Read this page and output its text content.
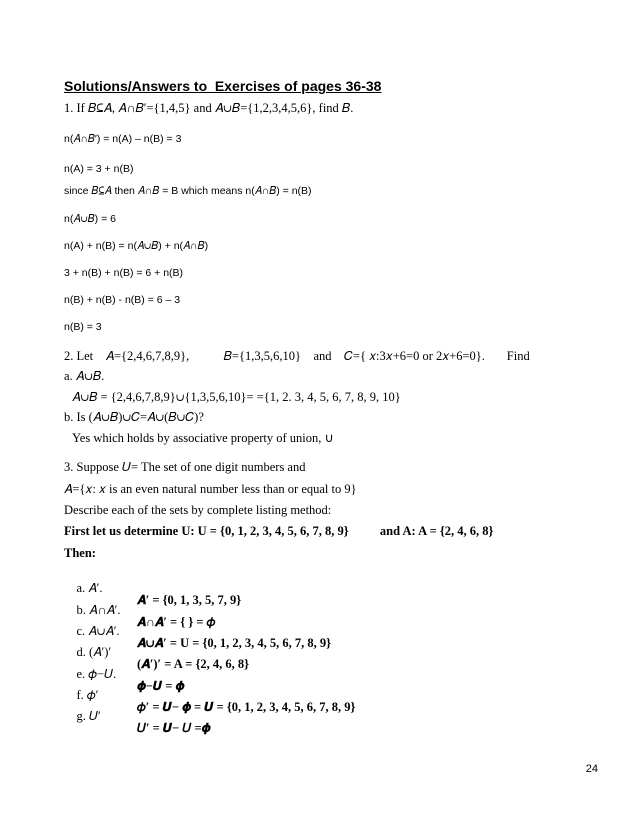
Solutions/Answers to  Exercises of pages 36-38
1. If 𝐵⊆𝐴, 𝐴∩𝐵′={1,4,5} and 𝐴∪𝐵={1,2,3,4,5,6}, find 𝐵.
n(𝐴∩𝐵′) = n(A) – n(B) = 3
n(A) = 3 + n(B)
since 𝐵⊆𝐴 then 𝐴∩𝐵 = B which means n(𝐴∩𝐵) = n(B)
n(𝐴∪𝐵) = 6
n(A) + n(B) = n(𝐴∪𝐵) + n(𝐴∩𝐵)
3 + n(B) + n(B) = 6 + n(B)
n(B) + n(B) - n(B) = 6 – 3
n(B) = 3
2. Let    𝐴={2,4,6,7,8,9},           𝐵={1,3,5,6,10}    and    𝐶={ 𝑥:3𝑥+6=0 or 2𝑥+6=0}.       Find
a. 𝐴∪𝐵.
𝐴∪𝐵 = {2,4,6,7,8,9}∪{1,3,5,6,10}= ={1, 2. 3, 4, 5, 6, 7, 8, 9, 10}
b. Is (𝐴∪𝐵)∪𝐶=𝐴∪(𝐵∪𝐶)?
Yes which holds by associative property of union, ∪
3. Suppose 𝑈= The set of one digit numbers and
𝐴={𝑥: 𝑥 is an even natural number less than or equal to 9}
Describe each of the sets by complete listing method:
First let us determine U: U = {0, 1, 2, 3, 4, 5, 6, 7, 8, 9}          and A: A = {2, 4, 6, 8}
Then:

a. 𝐴′.

𝑨′ = {0, 1, 3, 5, 7, 9}

b. 𝐴∩𝐴′.

𝑨∩𝑨′ = { } = 𝜙

c. 𝐴∪𝐴′.

𝑨∪𝑨′ = U = {0, 1, 2, 3, 4, 5, 6, 7, 8, 9}

d. (𝐴′)′

(𝑨′)′ = A = {2, 4, 6, 8}

e. 𝜙−𝑈.

𝝓−𝑼 = 𝝓

f. 𝜙′

𝜙′ = 𝑼− 𝝓 = 𝑼 = {0, 1, 2, 3, 4, 5, 6, 7, 8, 9}

g. 𝑈′

𝑈′ = 𝑼− 𝑈 =𝝓

24
